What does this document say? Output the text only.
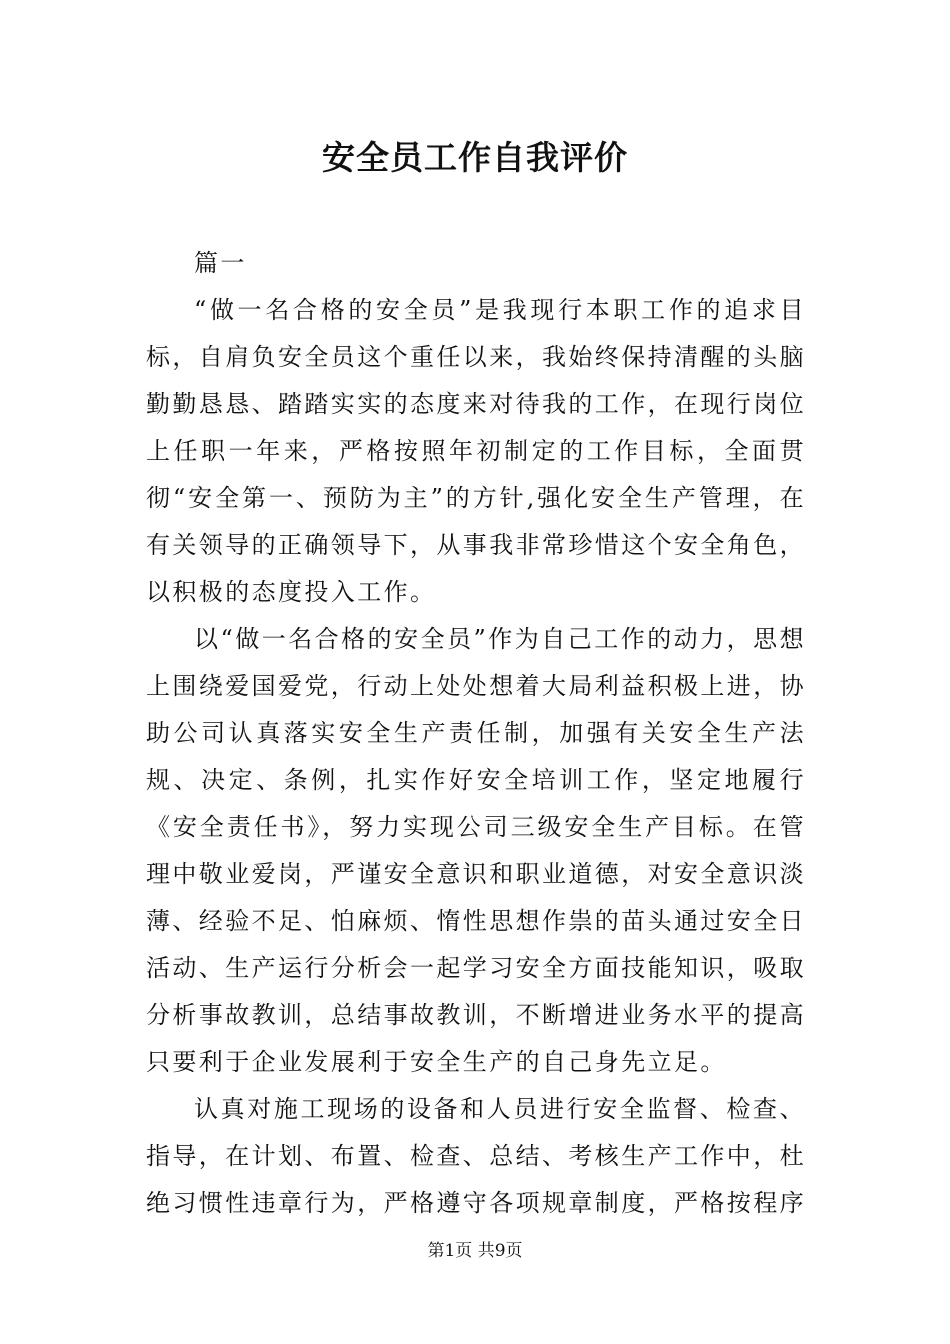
安全员工作自我评价

篇一

“做一名合格的安全员”是我现行本职工作的追求目标，自肩负安全员这个重任以来，我始终保持清醒的头脑勤勤恳恳、踏踏实实的态度来对待我的工作，在现行岗位上任职一年来，严格按照年初制定的工作目标，全面贯彻“安全第一、预防为主”的方针,强化安全生产管理，在有关领导的正确领导下，从事我非常珍惜这个安全角色，以积极的态度投入工作。

以“做一名合格的安全员”作为自己工作的动力，思想上围绕爱国爱党，行动上处处想着大局利益积极上进，协助公司认真落实安全生产责任制，加强有关安全生产法规、决定、条例，扎实作好安全培训工作，坚定地履行《安全责任书》，努力实现公司三级安全生产目标。在管理中敬业爱岗，严谨安全意识和职业道德，对安全意识淡薄、经验不足、怕麻烦、惰性思想作祟的苗头通过安全日活动、生产运行分析会一起学习安全方面技能知识，吸取分析事故教训，总结事故教训，不断增进业务水平的提高只要利于企业发展利于安全生产的自己身先立足。

认真对施工现场的设备和人员进行安全监督、检查、指导，在计划、布置、检查、总结、考核生产工作中，杜绝习惯性违章行为，严格遵守各项规章制度，严格按程序

第1页 共9页
